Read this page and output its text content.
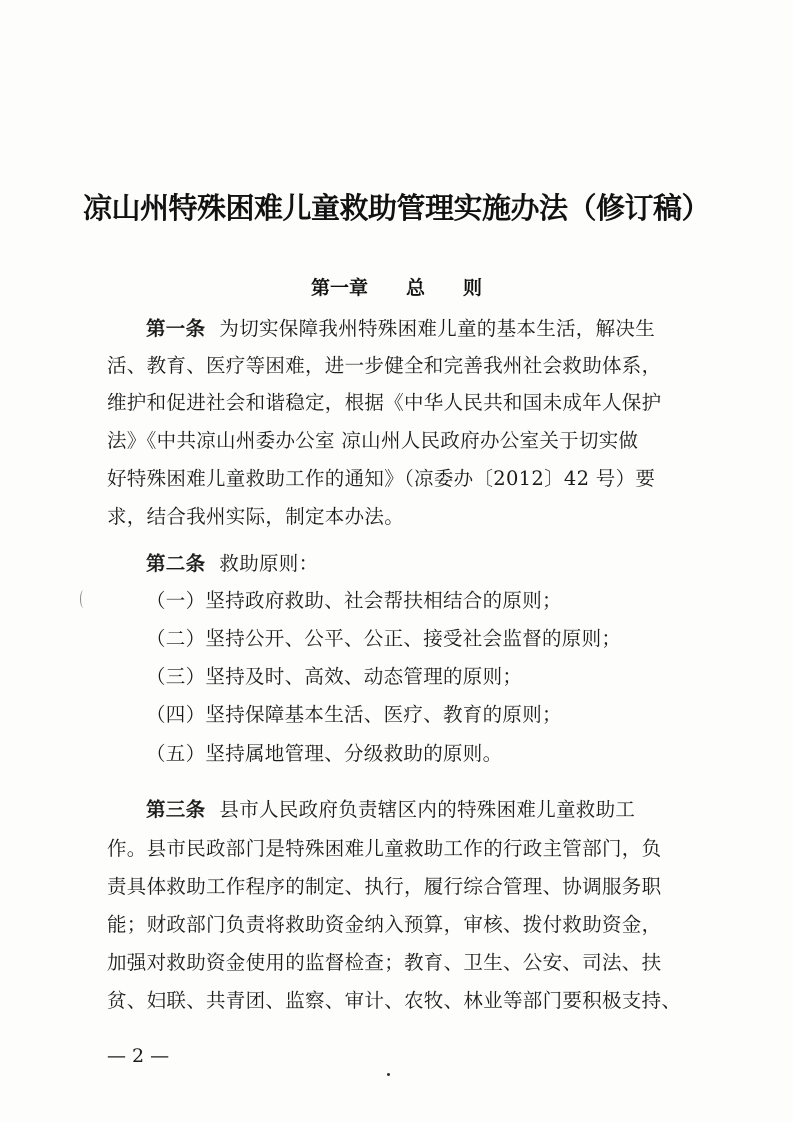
凉山州特殊困难儿童救助管理实施办法（修订稿）
第一章　　总　　则

第一条 为切实保障我州特殊困难儿童的基本生活，解决生

活、教育、医疗等困难，进一步健全和完善我州社会救助体系，

维护和促进社会和谐稳定，根据《中华人民共和国未成年人保护

法》《中共凉山州委办公室 凉山州人民政府办公室关于切实做

好特殊困难儿童救助工作的通知》（凉委办〔2012〕42 号）要

求，结合我州实际，制定本办法。

第二条 救助原则：

（一）坚持政府救助、社会帮扶相结合的原则；

（二）坚持公开、公平、公正、接受社会监督的原则；

（三）坚持及时、高效、动态管理的原则；

（四）坚持保障基本生活、医疗、教育的原则；

（五）坚持属地管理、分级救助的原则。

第三条 县市人民政府负责辖区内的特殊困难儿童救助工

作。县市民政部门是特殊困难儿童救助工作的行政主管部门，负

责具体救助工作程序的制定、执行，履行综合管理、协调服务职

能；财政部门负责将救助资金纳入预算，审核、拨付救助资金，

加强对救助资金使用的监督检查；教育、卫生、公安、司法、扶

贫、妇联、共青团、监察、审计、农牧、林业等部门要积极支持、

— 2 —
